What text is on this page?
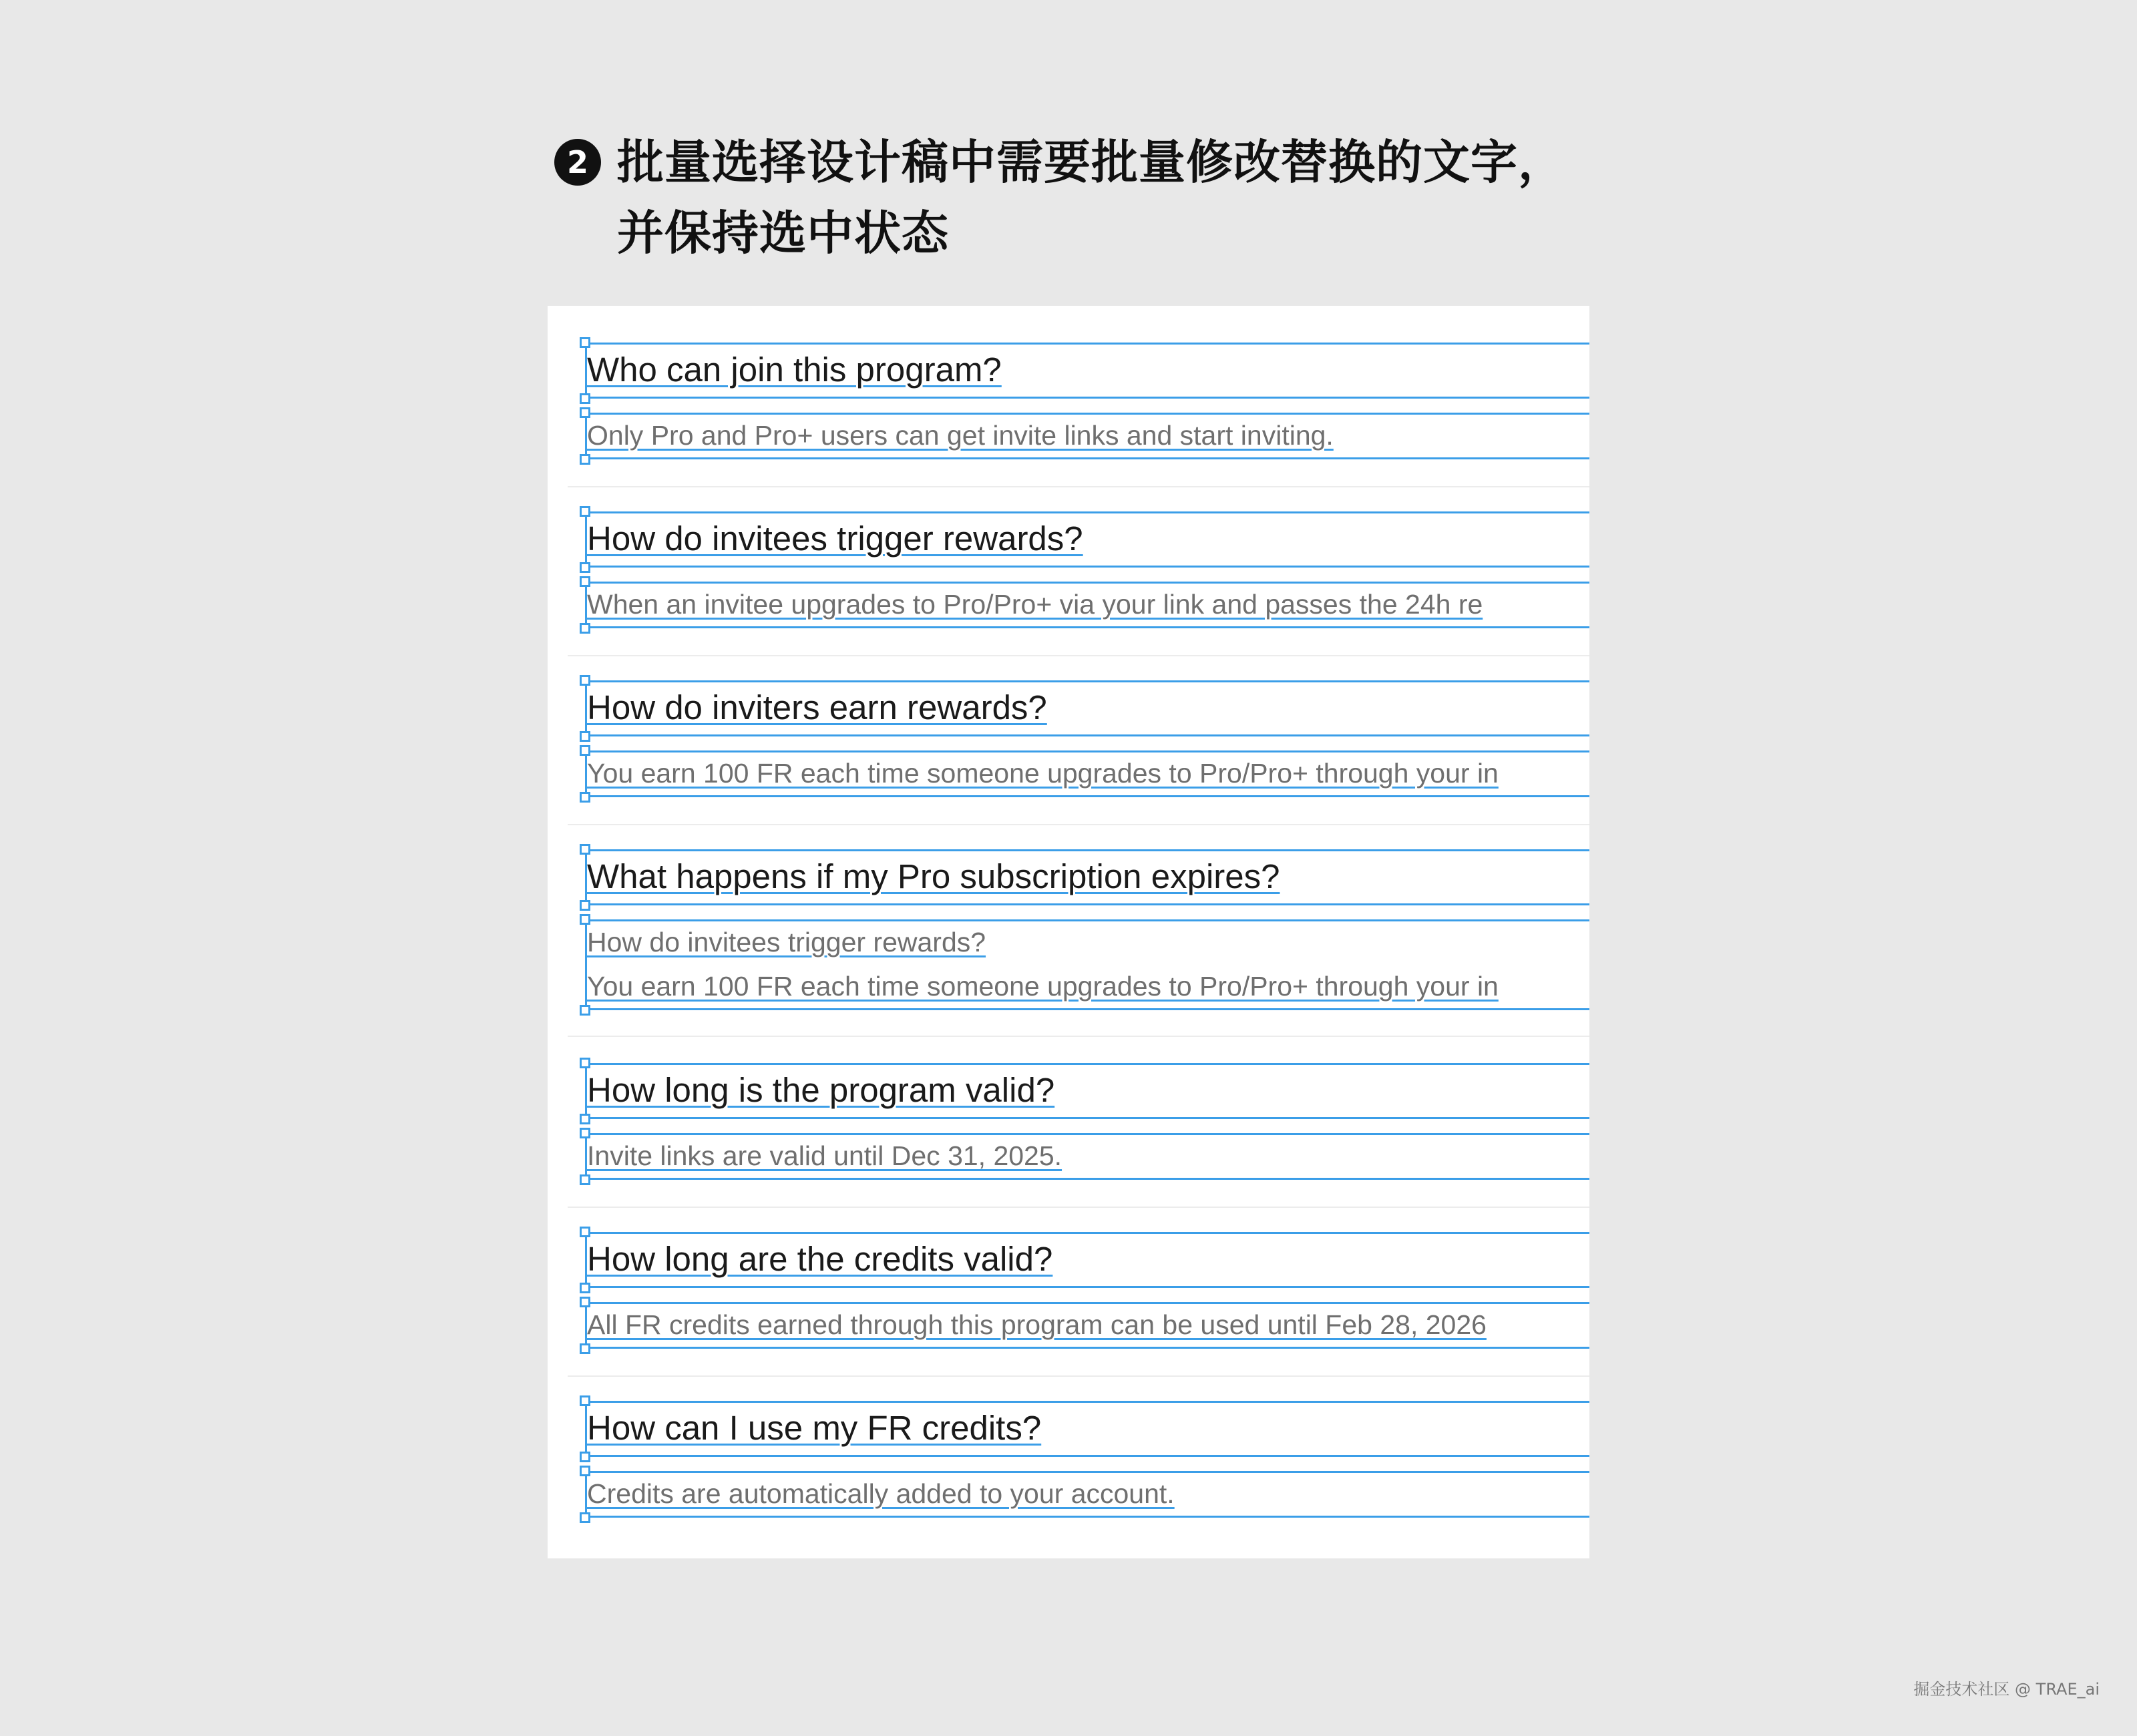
2 批量选择设计稿中需要批量修改替换的文字，
并保持选中状态
Who can join this program?
Only Pro and Pro+ users can get invite links and start inviting.
How do invitees trigger rewards?
When an invitee upgrades to Pro/Pro+ via your link and passes the 24h re
How do inviters earn rewards?
You earn 100 FR each time someone upgrades to Pro/Pro+ through your in
What happens if my Pro subscription expires?
How do invitees trigger rewards?
You earn 100 FR each time someone upgrades to Pro/Pro+ through your in
How long is the program valid?
Invite links are valid until Dec 31, 2025.
How long are the credits valid?
All FR credits earned through this program can be used until Feb 28, 2026
How can I use my FR credits?
Credits are automatically added to your account.
掘金技术社区 @ TRAE_ai
